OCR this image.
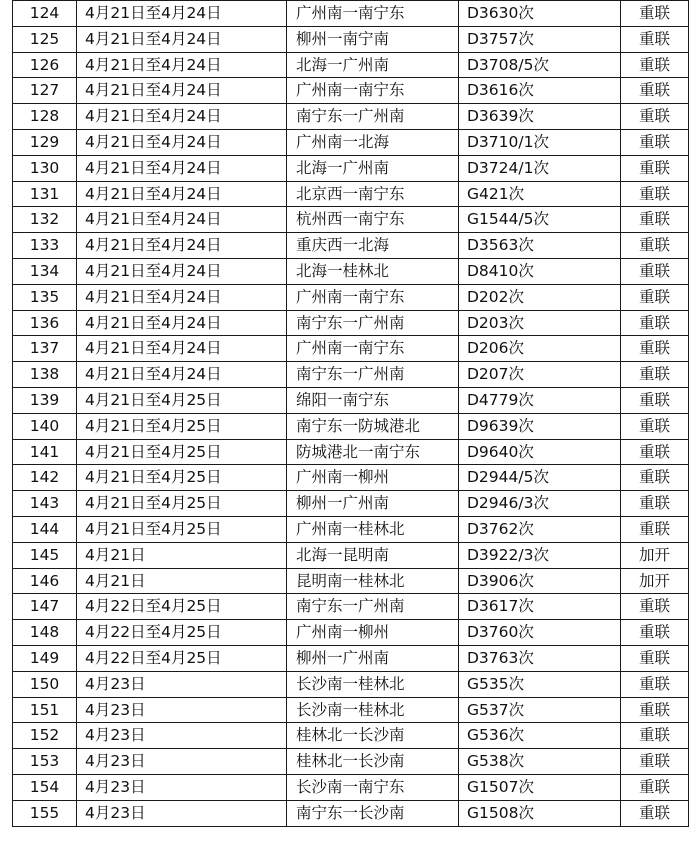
124	4月21日至4月24日	广州南一南宁东	D3630次	重联
125	4月21日至4月24日	柳州一南宁南	D3757次	重联
126	4月21日至4月24日	北海一广州南	D3708/5次	重联
127	4月21日至4月24日	广州南一南宁东	D3616次	重联
128	4月21日至4月24日	南宁东一广州南	D3639次	重联
129	4月21日至4月24日	广州南一北海	D3710/1次	重联
130	4月21日至4月24日	北海一广州南	D3724/1次	重联
131	4月21日至4月24日	北京西一南宁东	G421次	重联
132	4月21日至4月24日	杭州西一南宁东	G1544/5次	重联
133	4月21日至4月24日	重庆西一北海	D3563次	重联
134	4月21日至4月24日	北海一桂林北	D8410次	重联
135	4月21日至4月24日	广州南一南宁东	D202次	重联
136	4月21日至4月24日	南宁东一广州南	D203次	重联
137	4月21日至4月24日	广州南一南宁东	D206次	重联
138	4月21日至4月24日	南宁东一广州南	D207次	重联
139	4月21日至4月25日	绵阳一南宁东	D4779次	重联
140	4月21日至4月25日	南宁东一防城港北	D9639次	重联
141	4月21日至4月25日	防城港北一南宁东	D9640次	重联
142	4月21日至4月25日	广州南一柳州	D2944/5次	重联
143	4月21日至4月25日	柳州一广州南	D2946/3次	重联
144	4月21日至4月25日	广州南一桂林北	D3762次	重联
145	4月21日	北海一昆明南	D3922/3次	加开
146	4月21日	昆明南一桂林北	D3906次	加开
147	4月22日至4月25日	南宁东一广州南	D3617次	重联
148	4月22日至4月25日	广州南一柳州	D3760次	重联
149	4月22日至4月25日	柳州一广州南	D3763次	重联
150	4月23日	长沙南一桂林北	G535次	重联
151	4月23日	长沙南一桂林北	G537次	重联
152	4月23日	桂林北一长沙南	G536次	重联
153	4月23日	桂林北一长沙南	G538次	重联
154	4月23日	长沙南一南宁东	G1507次	重联
155	4月23日	南宁东一长沙南	G1508次	重联
